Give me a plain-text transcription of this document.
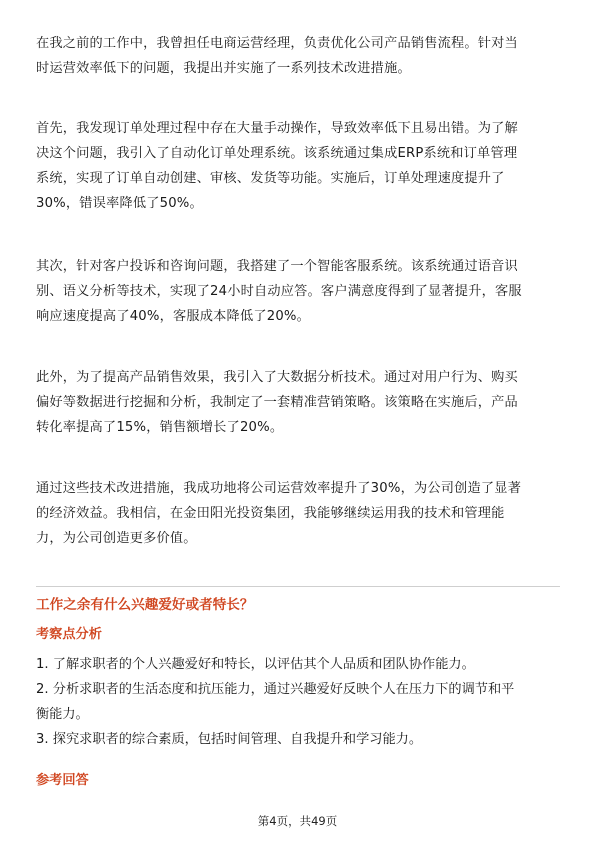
在我之前的工作中，我曾担任电商运营经理，负责优化公司产品销售流程。针对当
时运营效率低下的问题，我提出并实施了一系列技术改进措施。

首先，我发现订单处理过程中存在大量手动操作，导致效率低下且易出错。为了解
决这个问题，我引入了自动化订单处理系统。该系统通过集成ERP系统和订单管理
系统，实现了订单自动创建、审核、发货等功能。实施后，订单处理速度提升了
30%，错误率降低了50%。

其次，针对客户投诉和咨询问题，我搭建了一个智能客服系统。该系统通过语音识
别、语义分析等技术，实现了24小时自动应答。客户满意度得到了显著提升，客服
响应速度提高了40%，客服成本降低了20%。

此外，为了提高产品销售效果，我引入了大数据分析技术。通过对用户行为、购买
偏好等数据进行挖掘和分析，我制定了一套精准营销策略。该策略在实施后，产品
转化率提高了15%，销售额增长了20%。

通过这些技术改进措施，我成功地将公司运营效率提升了30%，为公司创造了显著
的经济效益。我相信，在金田阳光投资集团，我能够继续运用我的技术和管理能
力，为公司创造更多价值。

工作之余有什么兴趣爱好或者特长？
考察点分析
1. 了解求职者的个人兴趣爱好和特长，以评估其个人品质和团队协作能力。
2. 分析求职者的生活态度和抗压能力，通过兴趣爱好反映个人在压力下的调节和平
衡能力。
3. 探究求职者的综合素质，包括时间管理、自我提升和学习能力。
参考回答
第4页，共49页
